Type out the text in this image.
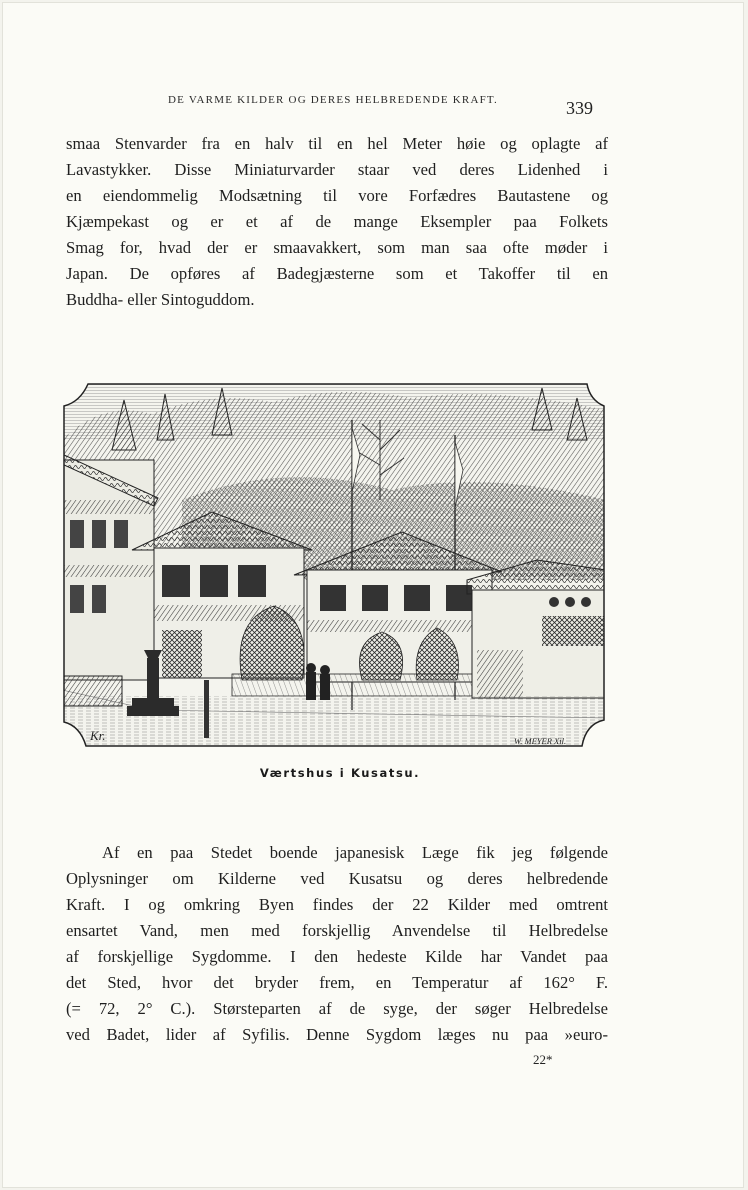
DE VARME KILDER OG DERES HELBREDENDE KRAFT.	339
smaa Stenvarder fra en halv til en hel Meter høie og oplagte af
Lavastykker. Disse Miniaturvarder staar ved deres Lidenhed i
en eiendommelig Modsætning til vore Forfædres Bautastene og
Kjæmpekast og er et af de mange Eksempler paa Folkets
Smag for, hvad der er smaavakkert, som man saa ofte møder i
Japan. De opføres af Badegjæsterne som et Takoffer til en
Buddha- eller Sintoguddom.
Kr.	W. MEYER Xil.
Værtshus i Kusatsu.
Af en paa Stedet boende japanesisk Læge fik jeg følgende
Oplysninger om Kilderne ved Kusatsu og deres helbredende
Kraft. I og omkring Byen findes der 22 Kilder med omtrent
ensartet Vand, men med forskjellig Anvendelse til Helbredelse
af forskjellige Sygdomme. I den hedeste Kilde har Vandet paa
det Sted, hvor det bryder frem, en Temperatur af 162° F.
(= 72, 2° C.). Størsteparten af de syge, der søger Helbredelse
ved Badet, lider af Syfilis. Denne Sygdom læges nu paa »euro-
22*
